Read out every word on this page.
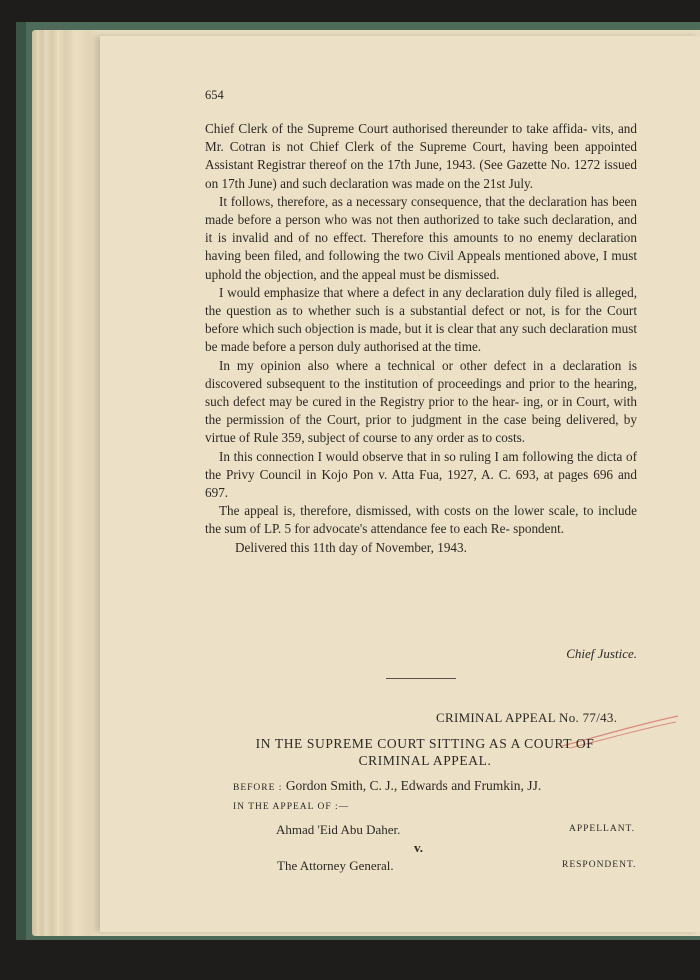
654

Chief Clerk of the Supreme Court authorised thereunder to take affida- vits, and Mr. Cotran is not Chief Clerk of the Supreme Court, having been appointed Assistant Registrar thereof on the 17th June, 1943. (See Gazette No. 1272 issued on 17th June) and such declaration was made on the 21st July.

It follows, therefore, as a necessary consequence, that the declaration has been made before a person who was not then authorized to take such declaration, and it is invalid and of no effect. Therefore this amounts to no enemy declaration having been filed, and following the two Civil Appeals mentioned above, I must uphold the objection, and the appeal must be dismissed.

I would emphasize that where a defect in any declaration duly filed is alleged, the question as to whether such is a substantial defect or not, is for the Court before which such objection is made, but it is clear that any such declaration must be made before a person duly authorised at the time.

In my opinion also where a technical or other defect in a declaration is discovered subsequent to the institution of proceedings and prior to the hearing, such defect may be cured in the Registry prior to the hear- ing, or in Court, with the permission of the Court, prior to judgment in the case being delivered, by virtue of Rule 359, subject of course to any order as to costs.

In this connection I would observe that in so ruling I am following the dicta of the Privy Council in Kojo Pon v. Atta Fua, 1927, A. C. 693, at pages 696 and 697.

The appeal is, therefore, dismissed, with costs on the lower scale, to include the sum of LP. 5 for advocate's attendance fee to each Re- spondent.

Delivered this 11th day of November, 1943.

Chief Justice.
CRIMINAL APPEAL No. 77/43.
IN THE SUPREME COURT SITTING AS A COURT OF
CRIMINAL APPEAL.
BEFORE : Gordon Smith, C. J., Edwards and Frumkin, JJ.
IN THE APPEAL OF :—
Ahmad 'Eid Abu Daher.	APPELLANT.
v.
The Attorney General.	RESPONDENT.
